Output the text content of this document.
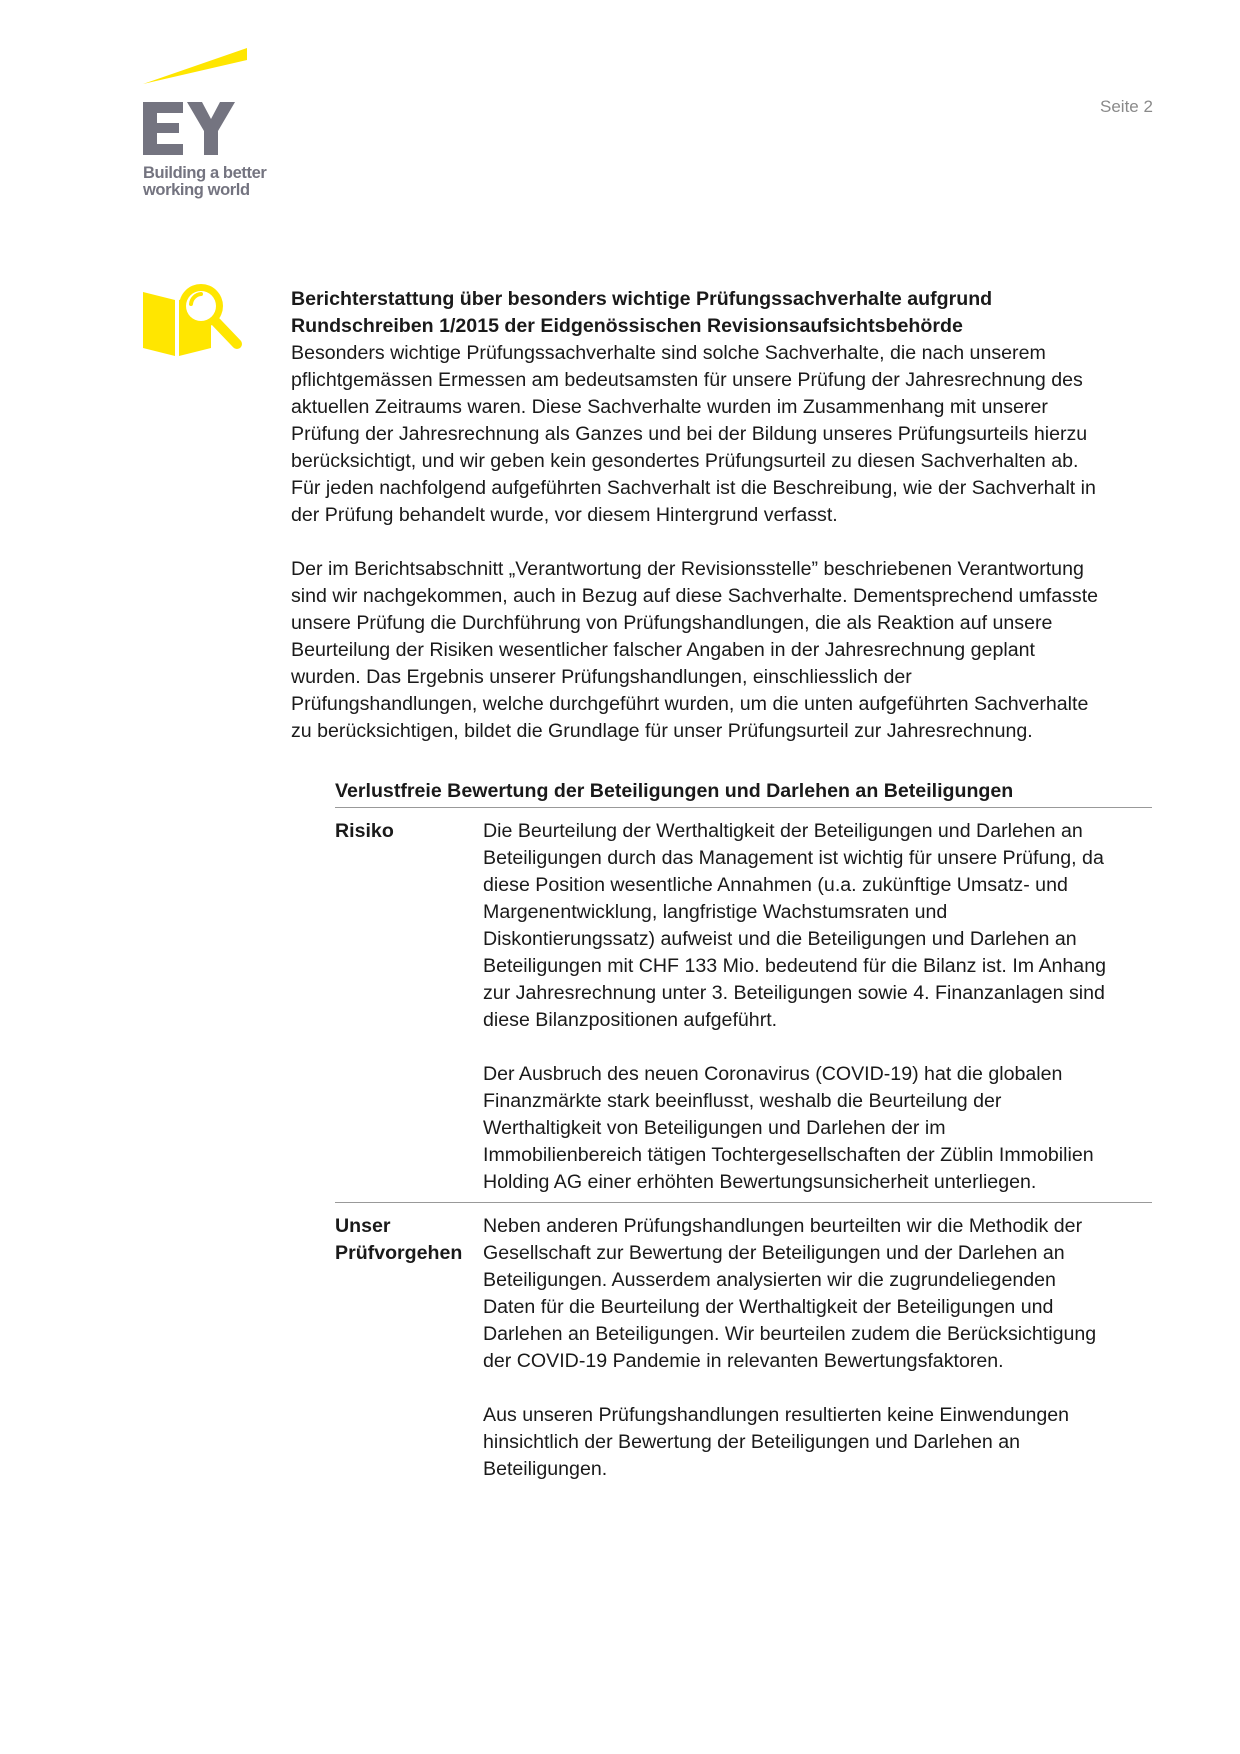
Building a better
working world
Seite 2

Berichterstattung über besonders wichtige Prüfungssachverhalte aufgrund
Rundschreiben 1/2015 der Eidgenössischen Revisionsaufsichtsbehörde

Besonders wichtige Prüfungssachverhalte sind solche Sachverhalte, die nach unserem
pflichtgemässen Ermessen am bedeutsamsten für unsere Prüfung der Jahresrechnung des
aktuellen Zeitraums waren. Diese Sachverhalte wurden im Zusammenhang mit unserer
Prüfung der Jahresrechnung als Ganzes und bei der Bildung unseres Prüfungsurteils hierzu
berücksichtigt, und wir geben kein gesondertes Prüfungsurteil zu diesen Sachverhalten ab.
Für jeden nachfolgend aufgeführten Sachverhalt ist die Beschreibung, wie der Sachverhalt in
der Prüfung behandelt wurde, vor diesem Hintergrund verfasst.

Der im Berichtsabschnitt „Verantwortung der Revisionsstelle” beschriebenen Verantwortung
sind wir nachgekommen, auch in Bezug auf diese Sachverhalte. Dementsprechend umfasste
unsere Prüfung die Durchführung von Prüfungshandlungen, die als Reaktion auf unsere
Beurteilung der Risiken wesentlicher falscher Angaben in der Jahresrechnung geplant
wurden. Das Ergebnis unserer Prüfungshandlungen, einschliesslich der
Prüfungshandlungen, welche durchgeführt wurden, um die unten aufgeführten Sachverhalte
zu berücksichtigen, bildet die Grundlage für unser Prüfungsurteil zur Jahresrechnung.

Verlustfreie Bewertung der Beteiligungen und Darlehen an Beteiligungen
Risiko	Die Beurteilung der Werthaltigkeit der Beteiligungen und Darlehen an
Beteiligungen durch das Management ist wichtig für unsere Prüfung, da
diese Position wesentliche Annahmen (u.a. zukünftige Umsatz- und
Margenentwicklung, langfristige Wachstumsraten und
Diskontierungssatz) aufweist und die Beteiligungen und Darlehen an
Beteiligungen mit CHF 133 Mio. bedeutend für die Bilanz ist. Im Anhang
zur Jahresrechnung unter 3. Beteiligungen sowie 4. Finanzanlagen sind
diese Bilanzpositionen aufgeführt.

Der Ausbruch des neuen Coronavirus (COVID-19) hat die globalen
Finanzmärkte stark beeinflusst, weshalb die Beurteilung der
Werthaltigkeit von Beteiligungen und Darlehen der im
Immobilienbereich tätigen Tochtergesellschaften der Züblin Immobilien
Holding AG einer erhöhten Bewertungsunsicherheit unterliegen.

Unser
Prüfvorgehen

Neben anderen Prüfungshandlungen beurteilten wir die Methodik der
Gesellschaft zur Bewertung der Beteiligungen und der Darlehen an
Beteiligungen. Ausserdem analysierten wir die zugrundeliegenden
Daten für die Beurteilung der Werthaltigkeit der Beteiligungen und
Darlehen an Beteiligungen. Wir beurteilen zudem die Berücksichtigung
der COVID-19 Pandemie in relevanten Bewertungsfaktoren.

Aus unseren Prüfungshandlungen resultierten keine Einwendungen
hinsichtlich der Bewertung der Beteiligungen und Darlehen an
Beteiligungen.
